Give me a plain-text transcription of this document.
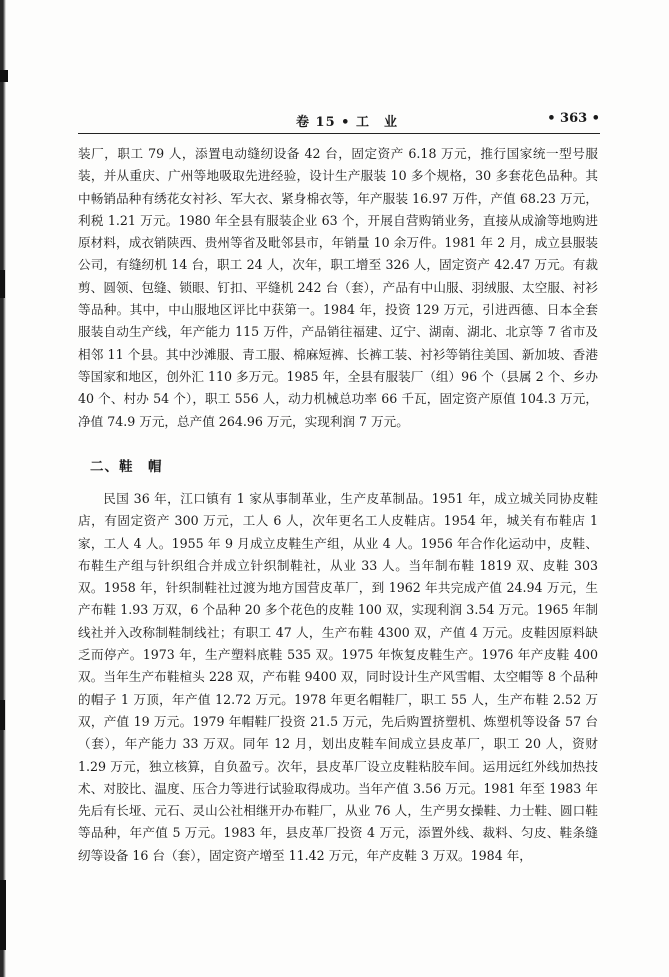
卷 15 • 工　业	• 363 •

装厂，职工 79 人，添置电动缝纫设备 42 台，固定资产 6.18 万元，推行国家统一型号服装，并从重庆、广州等地吸取先进经验，设计生产服装 10 多个规格，30 多套花色品种。其中畅销品种有绣花女衬衫、军大衣、紧身棉衣等，年产服装 16.97 万件，产值 68.23 万元，利税 1.21 万元。1980 年全县有服装企业 63 个，开展自营购销业务，直接从成渝等地购进原材料，成衣销陕西、贵州等省及毗邻县市，年销量 10 余万件。1981 年 2 月，成立县服装公司，有缝纫机 14 台，职工 24 人，次年，职工增至 326 人，固定资产 42.47 万元。有裁剪、圆领、包缝、锁眼、钉扣、平缝机 242 台（套），产品有中山服、羽绒服、太空服、衬衫等品种。其中，中山服地区评比中获第一。1984 年，投资 129 万元，引进西德、日本全套服装自动生产线，年产能力 115 万件，产品销往福建、辽宁、湖南、湖北、北京等 7 省市及相邻 11 个县。其中沙滩服、青工服、棉麻短裤、长裤工装、衬衫等销往美国、新加坡、香港等国家和地区，创外汇 110 多万元。1985 年，全县有服装厂（组）96 个（县属 2 个、乡办 40 个、村办 54 个），职工 556 人，动力机械总功率 66 千瓦，固定资产原值 104.3 万元，净值 74.9 万元，总产值 264.96 万元，实现利润 7 万元。

二、鞋　帽

民国 36 年，江口镇有 1 家从事制革业，生产皮革制品。1951 年，成立城关同协皮鞋店，有固定资产 300 万元，工人 6 人，次年更名工人皮鞋店。1954 年，城关有布鞋店 1 家，工人 4 人。1955 年 9 月成立皮鞋生产组，从业 4 人。1956 年合作化运动中，皮鞋、布鞋生产组与针织组合并成立针织制鞋社，从业 33 人。当年制布鞋 1819 双、皮鞋 303 双。1958 年，针织制鞋社过渡为地方国营皮革厂，到 1962 年共完成产值 24.94 万元，生产布鞋 1.93 万双，6 个品种 20 多个花色的皮鞋 100 双，实现利润 3.54 万元。1965 年制线社并入改称制鞋制线社；有职工 47 人，生产布鞋 4300 双，产值 4 万元。皮鞋因原料缺乏而停产。1973 年，生产塑料底鞋 535 双。1975 年恢复皮鞋生产。1976 年产皮鞋 400 双。当年生产布鞋楦头 228 双，产布鞋 9400 双，同时设计生产风雪帽、太空帽等 8 个品种的帽子 1 万顶，年产值 12.72 万元。1978 年更名帽鞋厂，职工 55 人，生产布鞋 2.52 万双，产值 19 万元。1979 年帽鞋厂投资 21.5 万元，先后购置挤塑机、炼塑机等设备 57 台（套），年产能力 33 万双。同年 12 月，划出皮鞋车间成立县皮革厂，职工 20 人，资财 1.29 万元，独立核算，自负盈亏。次年，县皮革厂设立皮鞋粘胶车间。运用远红外线加热技术、对胶比、温度、压合力等进行试验取得成功。当年产值 3.56 万元。1981 年至 1983 年先后有长垭、元石、灵山公社相继开办布鞋厂，从业 76 人，生产男女操鞋、力士鞋、圆口鞋等品种，年产值 5 万元。1983 年，县皮革厂投资 4 万元，添置外线、裁料、匀皮、鞋条缝纫等设备 16 台（套），固定资产增至 11.42 万元，年产皮鞋 3 万双。1984 年，
